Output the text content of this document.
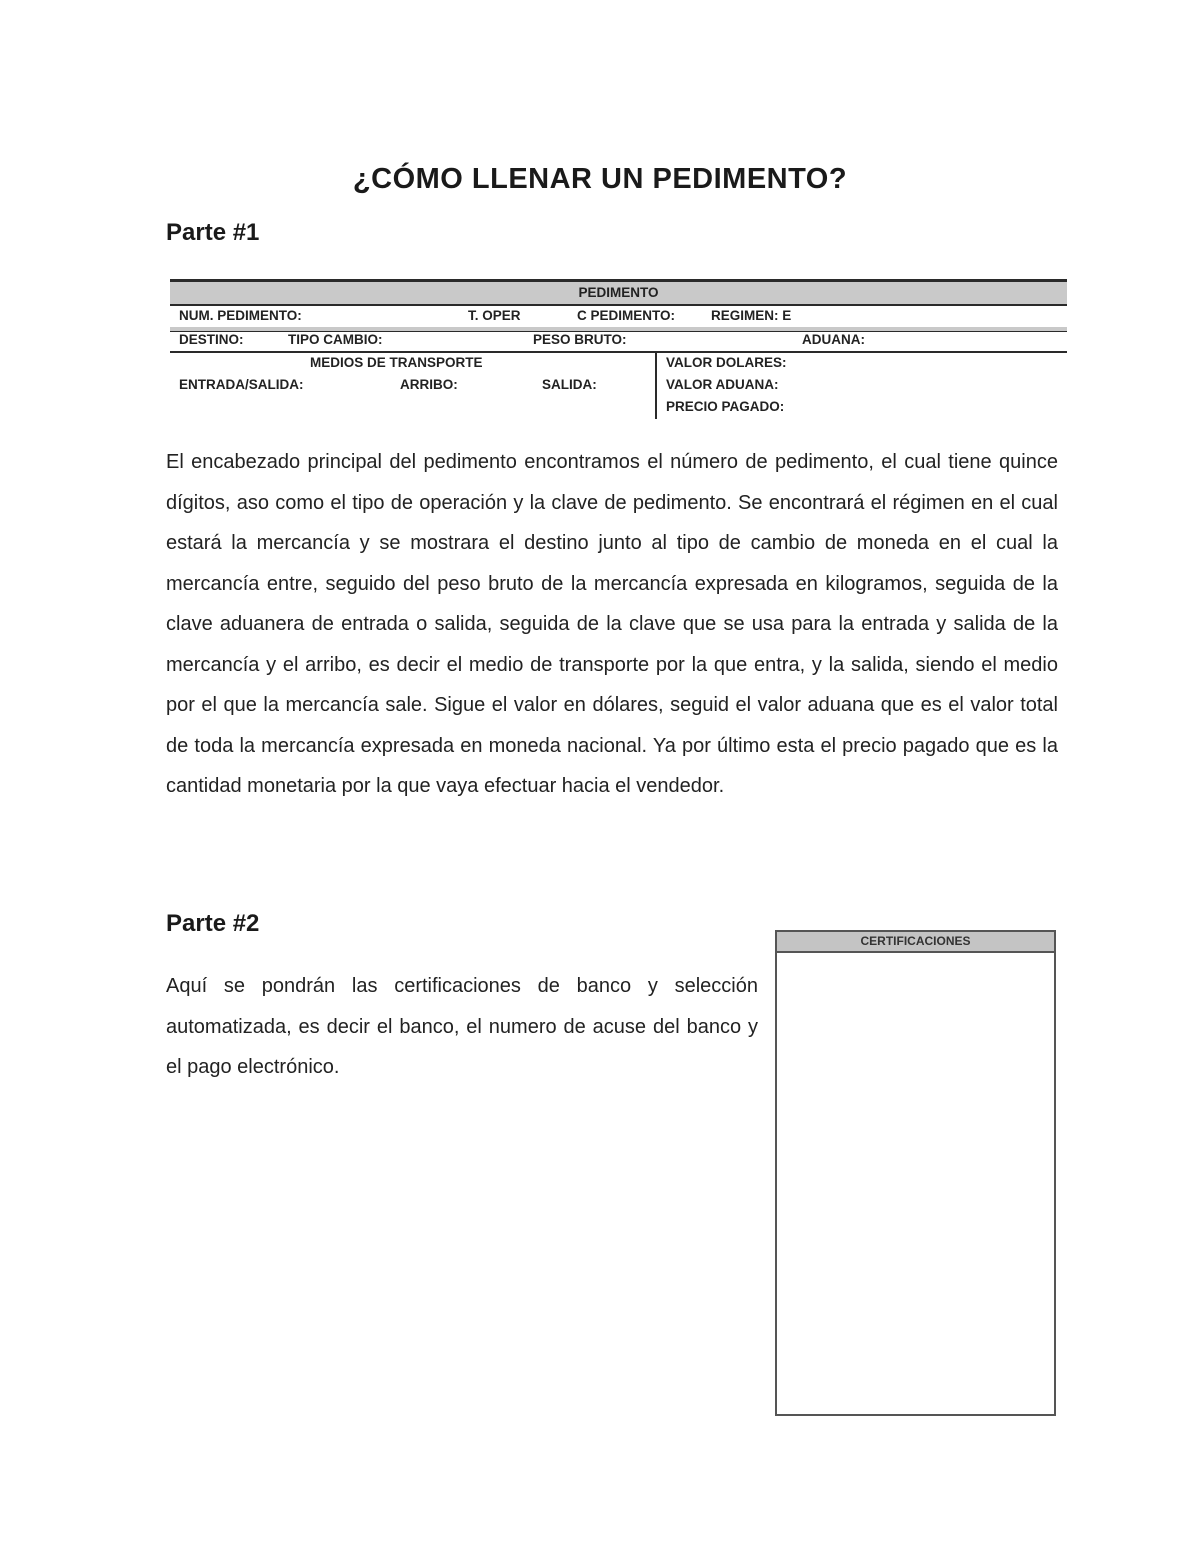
¿CÓMO LLENAR UN PEDIMENTO?
Parte #1
PEDIMENTO
NUM. PEDIMENTO:	T. OPER	C PEDIMENTO:	REGIMEN: E
DESTINO:	TIPO CAMBIO:	PESO BRUTO:	ADUANA:
MEDIOS DE TRANSPORTE
ENTRADA/SALIDA:	ARRIBO:	SALIDA:
VALOR DOLARES:
VALOR ADUANA:
PRECIO PAGADO:

El encabezado principal del pedimento encontramos el número de pedimento, el cual tiene quince dígitos, aso como el tipo de operación y la clave de pedimento. Se encontrará el régimen en el cual estará la mercancía y se mostrara el destino junto al tipo de cambio de moneda en el cual la mercancía entre, seguido del peso bruto de la mercancía expresada en kilogramos, seguida de la clave aduanera de entrada o salida, seguida de la clave que se usa para la entrada y salida de la mercancía y el arribo, es decir el medio de transporte por la que entra, y la salida, siendo el medio por el que la mercancía sale. Sigue el valor en dólares, seguid el valor aduana que es el valor total de toda la mercancía expresada en moneda nacional. Ya por último esta el precio pagado que es la cantidad monetaria por la que vaya efectuar hacia el vendedor.

Parte #2

Aquí se pondrán las certificaciones de banco y selección automatizada, es decir el banco, el numero de acuse del banco y el pago electrónico.

CERTIFICACIONES
